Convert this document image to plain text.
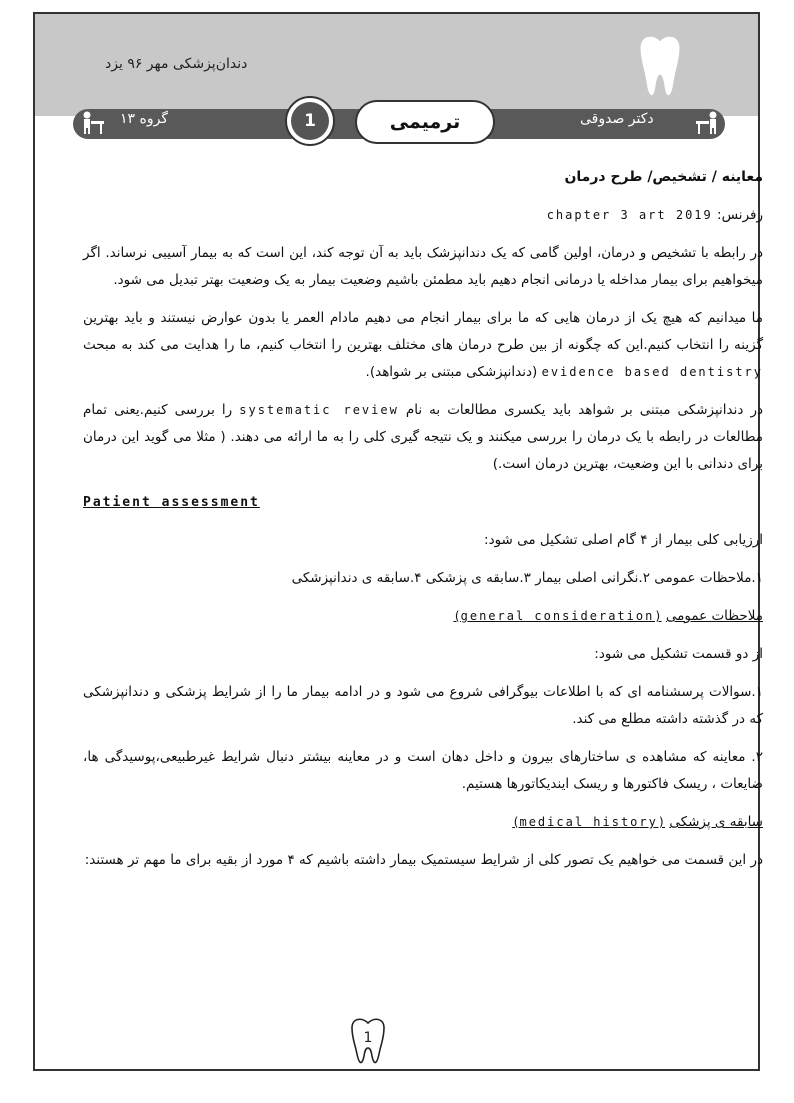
دندان‌پزشکی مهر ۹۶ یزد
گروه ۱۳	1	ترمیمی	دکتر صدوقی

معاینه / تشخیص/ طرح درمان

رفرنس: chapter 3 art 2019

در رابطه با تشخیص و درمان، اولین گامی که یک دندانپزشک باید به آن توجه کند، این است که به بیمار آسیبی نرساند. اگر میخواهیم برای بیمار مداخله یا درمانی انجام دهیم باید مطمئن باشیم وضعیت بیمار به یک وضعیت بهتر تبدیل می شود.

ما میدانیم که هیچ یک از درمان هایی که ما برای بیمار انجام می دهیم مادام العمر یا بدون عوارض نیستند و باید بهترین گزینه را انتخاب کنیم.این که چگونه از بین طرح درمان های مختلف بهترین را انتخاب کنیم، ما را هدایت می کند به مبحث evidence based dentistry (دندانپزشکی مبتنی بر شواهد).

در دندانپزشکی مبتنی بر شواهد باید یکسری مطالعات به نام systematic review را بررسی کنیم.یعنی تمام مطالعات در رابطه با یک درمان را بررسی میکنند و یک نتیجه گیری کلی را به ما ارائه می دهند. ( مثلا می گوید این درمان برای دندانی با این وضعیت، بهترین درمان است.)

Patient assessment

ارزیابی کلی بیمار از ۴ گام اصلی تشکیل می شود:

۱.ملاحظات عمومی ۲.نگرانی اصلی بیمار ۳.سابقه ی پزشکی ۴.سابقه ی دندانپزشکی

ملاحظات عمومی (general consideration)

از دو قسمت تشکیل می شود:

۱.سوالات پرسشنامه ای که با اطلاعات بیوگرافی شروع می شود و در ادامه بیمار ما را از شرایط پزشکی و دندانپزشکی که در گذشته داشته مطلع می کند.

۲. معاینه که مشاهده ی ساختارهای بیرون و داخل دهان است و در معاینه بیشتر دنبال شرایط غیرطبیعی،پوسیدگی ها، ضایعات ، ریسک فاکتورها و ریسک ایندیکاتورها هستیم.

سابقه ی پزشکی (medical history)

در این قسمت می خواهیم یک تصور کلی از شرایط سیستمیک بیمار داشته باشیم که ۴ مورد از بقیه برای ما مهم تر هستند:

1
